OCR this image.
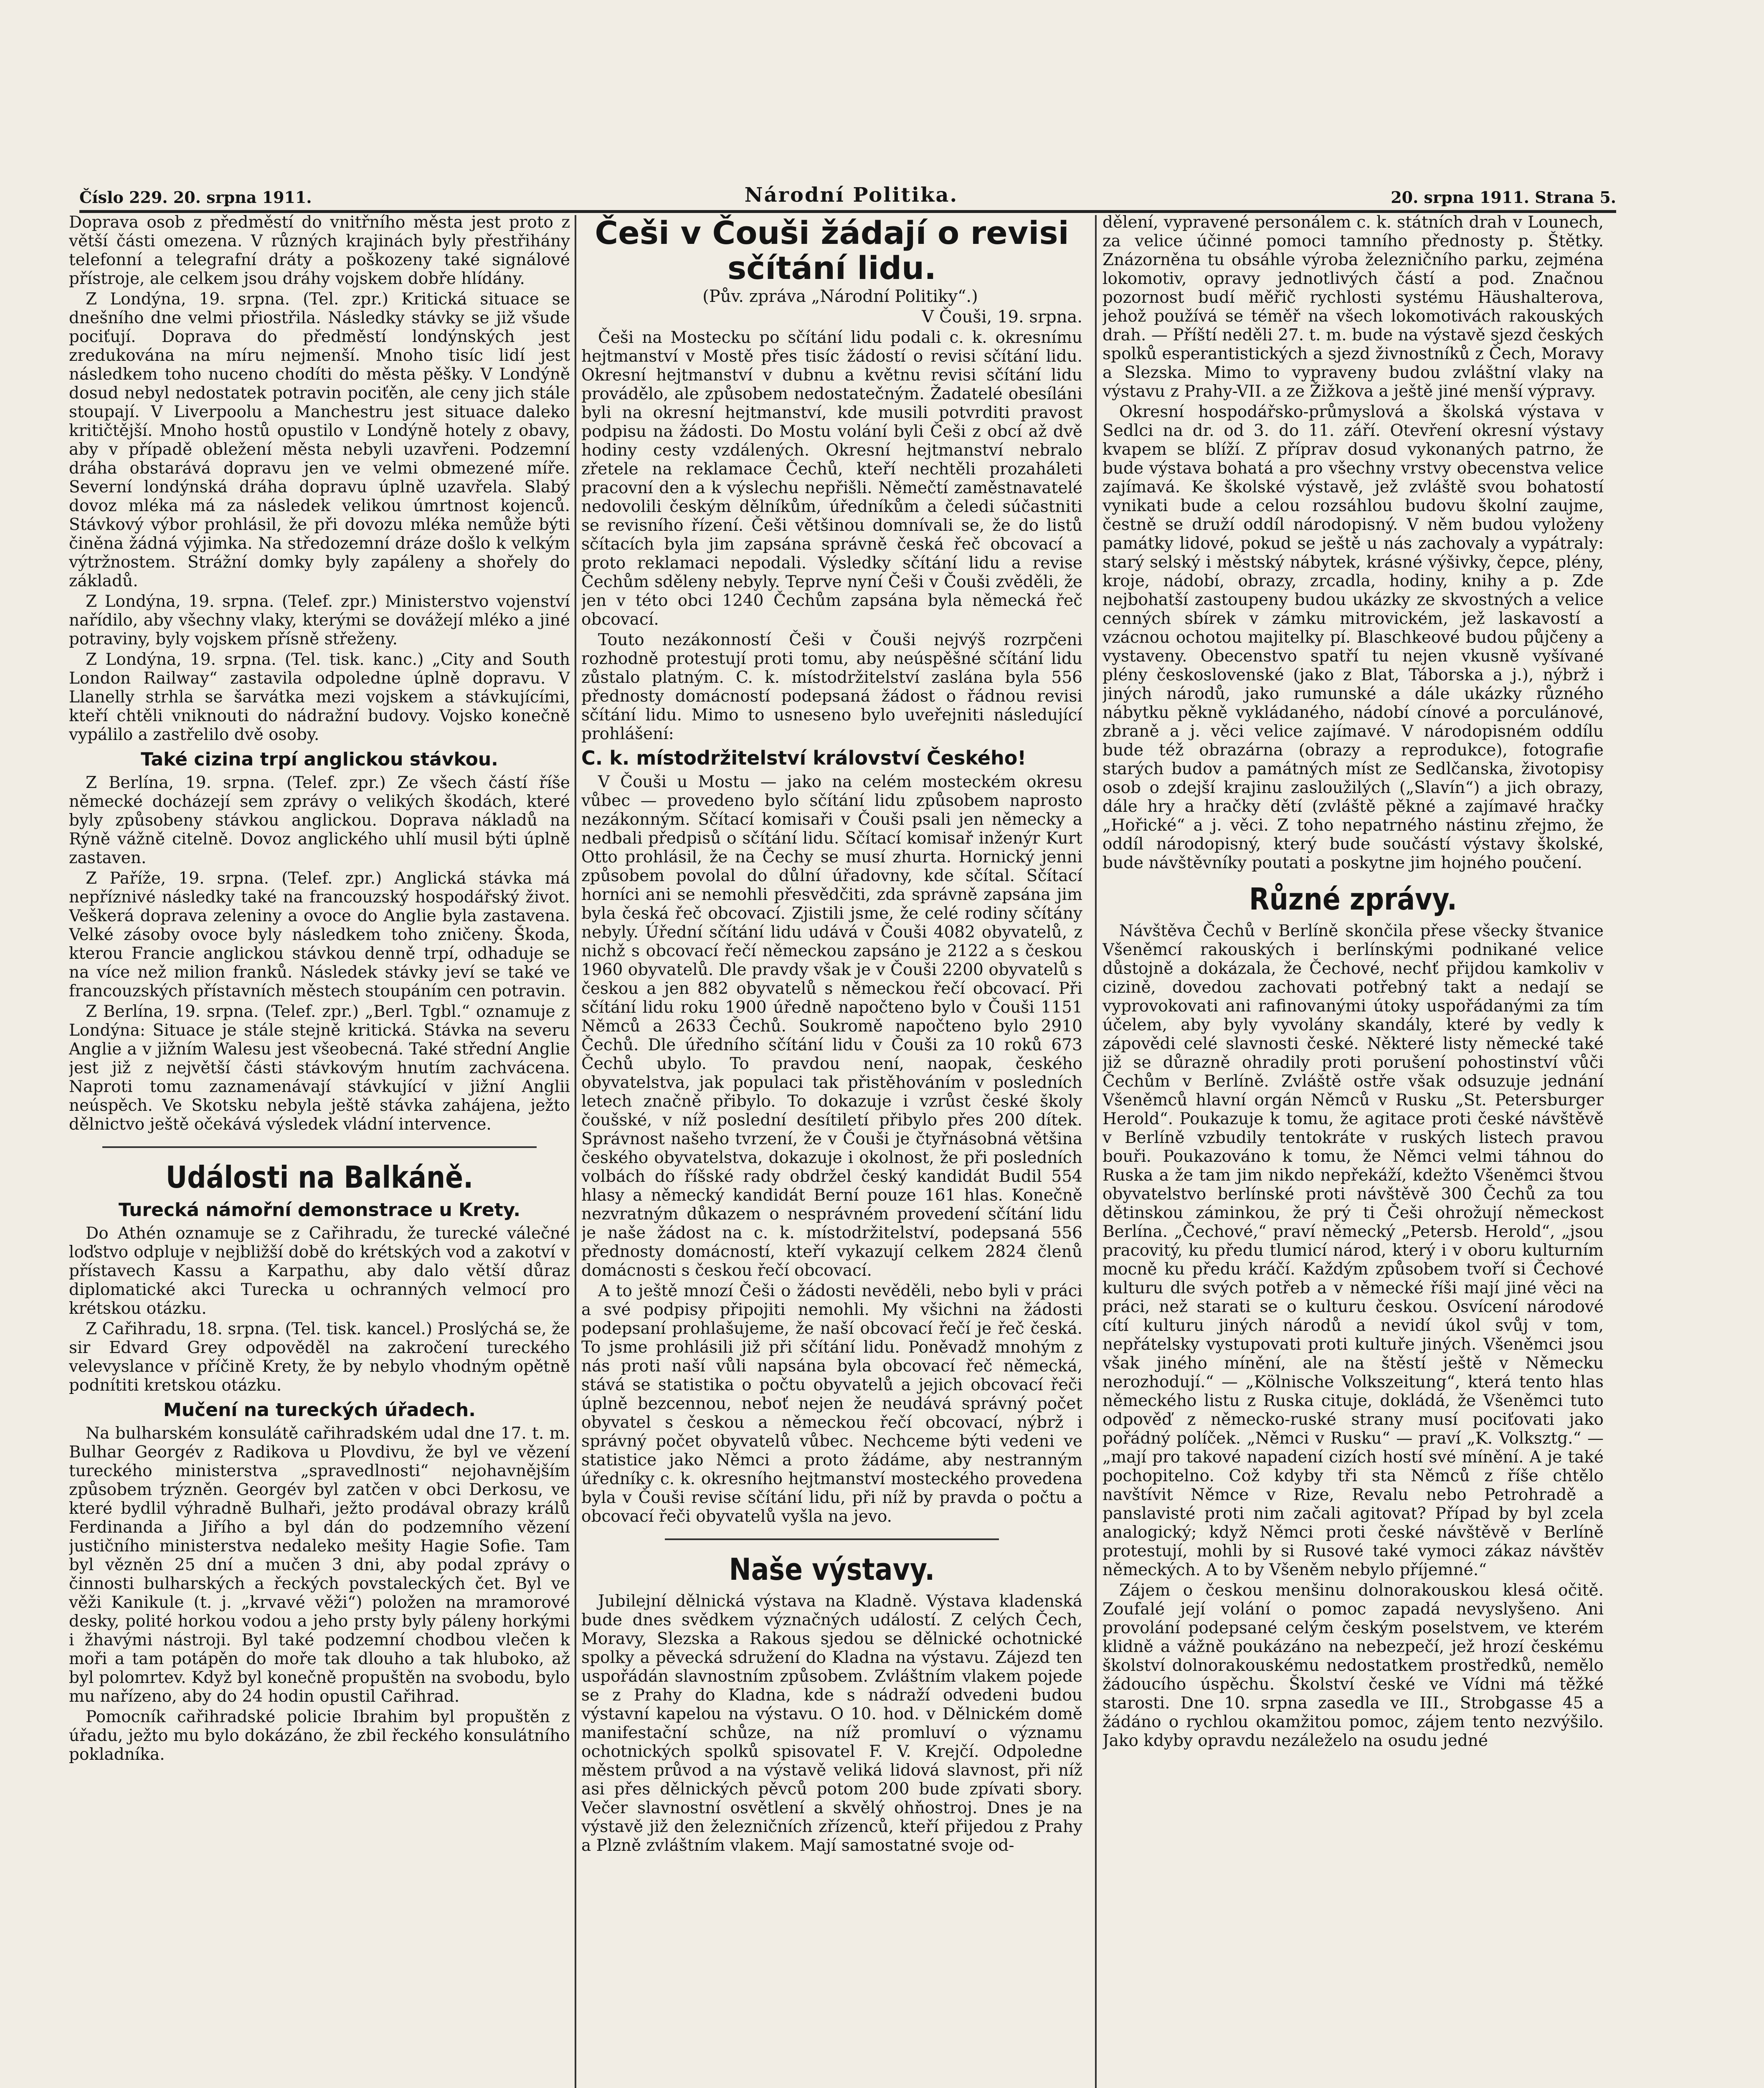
Číslo 229. 20. srpna 1911.	Národní Politika.	20. srpna 1911. Strana 5.

Doprava osob z předměstí do vnitřního města jest proto z větší části omezena. V různých krajinách byly přestřihány telefonní a telegrafní dráty a poškozeny také signálové přístroje, ale celkem jsou dráhy vojskem dobře hlídány.

Z Londýna, 19. srpna. (Tel. zpr.) Kritická situace se dnešního dne velmi přiostřila. Následky stávky se již všude pociťují. Doprava do předměstí londýnských jest zredukována na míru nejmenší. Mnoho tisíc lidí jest následkem toho nuceno chodíti do města pěšky. V Londýně dosud nebyl nedostatek potravin pociťěn, ale ceny jich stále stoupají. V Liverpoolu a Manchestru jest situace daleko kritičtější. Mnoho hostů opustilo v Londýně hotely z obavy, aby v případě obležení města nebyli uzavřeni. Podzemní dráha obstarává dopravu jen ve velmi obmezené míře. Severní londýnská dráha dopravu úplně uzavřela. Slabý dovoz mléka má za následek velikou úmrtnost kojenců. Stávkový výbor prohlásil, že při dovozu mléka nemůže býti činěna žádná výjimka. Na středozemní dráze došlo k velkým výtržnostem. Strážní domky byly zapáleny a shořely do základů.

Z Londýna, 19. srpna. (Telef. zpr.) Ministerstvo vojenství nařídilo, aby všechny vlaky, kterými se dovážejí mléko a jiné potraviny, byly vojskem přísně střeženy.

Z Londýna, 19. srpna. (Tel. tisk. kanc.) „City and South London Railway“ zastavila odpoledne úplně dopravu. V Llanelly strhla se šarvátka mezi vojskem a stávkujícími, kteří chtěli vniknouti do nádražní budovy. Vojsko konečně vypálilo a zastřelilo dvě osoby.

Také cizina trpí anglickou stávkou.

Z Berlína, 19. srpna. (Telef. zpr.) Ze všech částí říše německé docházejí sem zprávy o velikých škodách, které byly způsobeny stávkou anglickou. Doprava nákladů na Rýně vážně citelně. Dovoz anglického uhlí musil býti úplně zastaven.

Z Paříže, 19. srpna. (Telef. zpr.) Anglická stávka má nepříznivé následky také na francouzský hospodářský život. Veškerá doprava zeleniny a ovoce do Anglie byla zastavena. Velké zásoby ovoce byly následkem toho zničeny. Škoda, kterou Francie anglickou stávkou denně trpí, odhaduje se na více než milion franků. Následek stávky jeví se také ve francouzských přístavních městech stoupáním cen potravin.

Z Berlína, 19. srpna. (Telef. zpr.) „Berl. Tgbl.“ oznamuje z Londýna: Situace je stále stejně kritická. Stávka na severu Anglie a v jižním Walesu jest všeobecná. Také střední Anglie jest již z největší části stávkovým hnutím zachvácena. Naproti tomu zaznamenávají stávkující v jižní Anglii neúspěch. Ve Skotsku nebyla ještě stávka zahájena, ježto dělnictvo ještě očekává výsledek vládní intervence.

Události na Balkáně.
Turecká námořní demonstrace u Krety.

Do Athén oznamuje se z Cařihradu, že turecké válečné loďstvo odpluje v nejbližší době do krétských vod a zakotví v přístavech Kassu a Karpathu, aby dalo větší důraz diplomatické akci Turecka u ochranných velmocí pro krétskou otázku.

Z Cařihradu, 18. srpna. (Tel. tisk. kancel.) Proslýchá se, že sir Edvard Grey odpověděl na zakročení tureckého velevyslance v příčině Krety, že by nebylo vhodným opětně podnítiti kretskou otázku.

Mučení na tureckých úřadech.

Na bulharském konsulátě cařihradském udal dne 17. t. m. Bulhar Georgév z Radikova u Plovdivu, že byl ve vězení tureckého ministerstva „spravedlnosti“ nejohavnějším způsobem trýzněn. Georgév byl zatčen v obci Derkosu, ve které bydlil výhradně Bulhaři, ježto prodával obrazy králů Ferdinanda a Jiřího a byl dán do podzemního vězení justičního ministerstva nedaleko mešity Hagie Sofie. Tam byl vězněn 25 dní a mučen 3 dni, aby podal zprávy o činnosti bulharských a řeckých povstaleckých čet. Byl ve věži Kanikule (t. j. „krvavé věži“) položen na mramorové desky, polité horkou vodou a jeho prsty byly páleny horkými i žhavými nástroji. Byl také podzemní chodbou vlečen k moři a tam potápěn do moře tak dlouho a tak hluboko, až byl polomrtev. Když byl konečně propuštěn na svobodu, bylo mu nařízeno, aby do 24 hodin opustil Cařihrad.

Pomocník cařihradské policie Ibrahim byl propuštěn z úřadu, ježto mu bylo dokázáno, že zbil řeckého konsulátního pokladníka.

Češi v Čouši žádají o revisi sčítání lidu.

(Pův. zpráva „Národní Politiky“.)

V Čouši, 19. srpna.

Češi na Mostecku po sčítání lidu podali c. k. okresnímu hejtmanství v Mostě přes tisíc žádostí o revisi sčítání lidu. Okresní hejtmanství v dubnu a květnu revisi sčítání lidu provádělo, ale způsobem nedostatečným. Žadatelé obesíláni byli na okresní hejtmanství, kde musili potvrditi pravost podpisu na žádosti. Do Mostu volání byli Češi z obcí až dvě hodiny cesty vzdálených. Okresní hejtmanství nebralo zřetele na reklamace Čechů, kteří nechtěli prozaháleti pracovní den a k výslechu nepřišli. Němečtí zaměstnavatelé nedovolili českým dělníkům, úředníkům a čeledi súčastniti se revisního řízení. Češi většinou domnívali se, že do listů sčítacích byla jim zapsána správně česká řeč obcovací a proto reklamaci nepodali. Výsledky sčítání lidu a revise Čechům sděleny nebyly. Teprve nyní Češi v Čouši zvěděli, že jen v této obci 1240 Čechům zapsána byla německá řeč obcovací.

Touto nezákonností Češi v Čouši nejvýš rozrpčeni rozhodně protestují proti tomu, aby neúspěšné sčítání lidu zůstalo platným. C. k. místodržitelství zaslána byla 556 přednosty domácností podepsaná žádost o řádnou revisi sčítání lidu. Mimo to usneseno bylo uveřejniti následující prohlášení:

C. k. místodržitelství království Českého!

V Čouši u Mostu — jako na celém mosteckém okresu vůbec — provedeno bylo sčítání lidu způsobem naprosto nezákonným. Sčítací komisaři v Čouši psali jen německy a nedbali předpisů o sčítání lidu. Sčítací komisař inženýr Kurt Otto prohlásil, že na Čechy se musí zhurta. Hornický jenni způsobem povolal do důlní úřadovny, kde sčítal. Sčítací horníci ani se nemohli přesvědčiti, zda správně zapsána jim byla česká řeč obcovací. Zjistili jsme, že celé rodiny sčítány nebyly. Úřední sčítání lidu udává v Čouši 4082 obyvatelů, z nichž s obcovací řečí německou zapsáno je 2122 a s českou 1960 obyvatelů. Dle pravdy však je v Čouši 2200 obyvatelů s českou a jen 882 obyvatelů s německou řečí obcovací. Při sčítání lidu roku 1900 úředně napočteno bylo v Čouši 1151 Němců a 2633 Čechů. Soukromě napočteno bylo 2910 Čechů. Dle úředního sčítání lidu v Čouši za 10 roků 673 Čechů ubylo. To pravdou není, naopak, českého obyvatelstva, jak populaci tak přistěhováním v posledních letech značně přibylo. To dokazuje i vzrůst české školy čoušské, v níž poslední desítiletí přibylo přes 200 dítek. Správnost našeho tvrzení, že v Čouši je čtyřnásobná většina českého obyvatelstva, dokazuje i okolnost, že při posledních volbách do říšské rady obdržel český kandidát Budil 554 hlasy a německý kandidát Berní pouze 161 hlas. Konečně nezvratným důkazem o nesprávném provedení sčítání lidu je naše žádost na c. k. místodržitelství, podepsaná 556 přednosty domácností, kteří vykazují celkem 2824 členů domácnosti s českou řečí obcovací.

A to ještě mnozí Češi o žádosti nevěděli, nebo byli v práci a své podpisy připojiti nemohli. My všichni na žádosti podepsaní prohlašujeme, že naší obcovací řečí je řeč česká. To jsme prohlásili již při sčítání lidu. Poněvadž mnohým z nás proti naší vůli napsána byla obcovací řeč německá, stává se statistika o počtu obyvatelů a jejich obcovací řeči úplně bezcennou, neboť nejen že neudává správný počet obyvatel s českou a německou řečí obcovací, nýbrž i správný počet obyvatelů vůbec. Nechceme býti vedeni ve statistice jako Němci a proto žádáme, aby nestranným úředníky c. k. okresního hejtmanství mosteckého provedena byla v Čouši revise sčítání lidu, při níž by pravda o počtu a obcovací řeči obyvatelů vyšla na jevo.

Naše výstavy.

Jubilejní dělnická výstava na Kladně. Výstava kladenská bude dnes svědkem význačných událostí. Z celých Čech, Moravy, Slezska a Rakous sjedou se dělnické ochotnické spolky a pěvecká sdružení do Kladna na výstavu. Zájezd ten uspořádán slavnostním způsobem. Zvláštním vlakem pojede se z Prahy do Kladna, kde s nádraží odvedeni budou výstavní kapelou na výstavu. O 10. hod. v Dělnickém domě manifestační schůze, na níž promluví o významu ochotnických spolků spisovatel F. V. Krejčí. Odpoledne městem průvod a na výstavě veliká lidová slavnost, při níž asi přes dělnických pěvců potom 200 bude zpívati sbory. Večer slavnostní osvětlení a skvělý ohňostroj. Dnes je na výstavě již den železničních zřízenců, kteří přijedou z Prahy a Plzně zvláštním vlakem. Mají samostatné svoje od-

dělení, vypravené personálem c. k. státních drah v Lounech, za velice účinné pomoci tamního přednosty p. Štětky. Znázorněna tu obsáhle výroba železničního parku, zejména lokomotiv, opravy jednotlivých částí a pod. Značnou pozornost budí měřič rychlosti systému Häushalterova, jehož používá se téměř na všech lokomotivách rakouských drah. — Příští neděli 27. t. m. bude na výstavě sjezd českých spolků esperantistických a sjezd živnostníků z Čech, Moravy a Slezska. Mimo to vypraveny budou zvláštní vlaky na výstavu z Prahy-VII. a ze Žižkova a ještě jiné menší výpravy.

Okresní hospodářsko-průmyslová a školská výstava v Sedlci na dr. od 3. do 11. září. Otevření okresní výstavy kvapem se blíží. Z příprav dosud vykonaných patrno, že bude výstava bohatá a pro všechny vrstvy obecenstva velice zajímavá. Ke školské výstavě, jež zvláště svou bohatostí vynikati bude a celou rozsáhlou budovu školní zaujme, čestně se druží oddíl národopisný. V něm budou vyloženy památky lidové, pokud se ještě u nás zachovaly a vypátraly: starý selský i městský nábytek, krásné výšivky, čepce, plény, kroje, nádobí, obrazy, zrcadla, hodiny, knihy a p. Zde nejbohatší zastoupeny budou ukázky ze skvostných a velice cenných sbírek v zámku mitrovickém, jež laskavostí a vzácnou ochotou majitelky pí. Blaschkeové budou půjčeny a vystaveny. Obecenstvo spatří tu nejen vkusně vyšívané plény československé (jako z Blat, Táborska a j.), nýbrž i jiných národů, jako rumunské a dále ukázky různého nábytku pěkně vykládaného, nádobí cínové a porculánové, zbraně a j. věci velice zajímavé. V národopisném oddílu bude též obrazárna (obrazy a reprodukce), fotografie starých budov a památných míst ze Sedlčanska, životopisy osob o zdejší krajinu zasloužilých („Slavín“) a jich obrazy, dále hry a hračky dětí (zvláště pěkné a zajímavé hračky „Hořické“ a j. věci. Z toho nepatrného nástinu zřejmo, že oddíl národopisný, který bude součástí výstavy školské, bude návštěvníky poutati a poskytne jim hojného poučení.

Různé zprávy.

Návštěva Čechů v Berlíně skončila přese všecky štvanice Všeněmcí rakouských i berlínskými podnikané velice důstojně a dokázala, že Čechové, nechť přijdou kamkoliv v cizině, dovedou zachovati potřebný takt a nedají se vyprovokovati ani rafinovanými útoky uspořádanými za tím účelem, aby byly vyvolány skandály, které by vedly k zápovědi celé slavnosti české. Některé listy německé také již se důrazně ohradily proti porušení pohostinství vůči Čechům v Berlíně. Zvláště ostře však odsuzuje jednání Všeněmců hlavní orgán Němců v Rusku „St. Petersburger Herold“. Poukazuje k tomu, že agitace proti české návštěvě v Berlíně vzbudily tentokráte v ruských listech pravou bouři. Poukazováno k tomu, že Němci velmi táhnou do Ruska a že tam jim nikdo nepřekáží, kdežto Všeněmci štvou obyvatelstvo berlínské proti návštěvě 300 Čechů za tou dětinskou záminkou, že prý ti Češi ohrožují německost Berlína. „Čechové,“ praví německý „Petersb. Herold“, „jsou pracovitý, ku předu tlumicí národ, který i v oboru kulturním mocně ku předu kráčí. Každým způsobem tvoří si Čechové kulturu dle svých potřeb a v německé říši mají jiné věci na práci, než starati se o kulturu českou. Osvícení národové cítí kulturu jiných národů a nevidí úkol svůj v tom, nepřátelsky vystupovati proti kultuře jiných. Všeněmci jsou však jiného mínění, ale na štěstí ještě v Německu nerozhodují.“ — „Kölnische Volkszeitung“, která tento hlas německého listu z Ruska cituje, dokládá, že Všeněmci tuto odpověď z německo-ruské strany musí pociťovati jako pořádný políček. „Němci v Rusku“ — praví „K. Volksztg.“ — „mají pro takové napadení cizích hostí své mínění. A je také pochopitelno. Což kdyby tři sta Němců z říše chtělo navštívit Němce v Rize, Revalu nebo Petrohradě a panslavisté proti nim začali agitovat? Případ by byl zcela analogický; když Němci proti české návštěvě v Berlíně protestují, mohli by si Rusové také vymoci zákaz návštěv německých. A to by Všeněm nebylo příjemné.“

Zájem o českou menšinu dolnorakouskou klesá očitě. Zoufalé její volání o pomoc zapadá nevyslyšeno. Ani provolání podepsané celým českým poselstvem, ve kterém klidně a vážně poukázáno na nebezpečí, jež hrozí českému školství dolnorakouskému nedostatkem prostředků, nemělo žádoucího úspěchu. Školství české ve Vídni má těžké starosti. Dne 10. srpna zasedla ve III., Strobgasse 45 a žádáno o rychlou okamžitou pomoc, zájem tento nezvýšilo. Jako kdyby opravdu nezáleželo na osudu jedné
